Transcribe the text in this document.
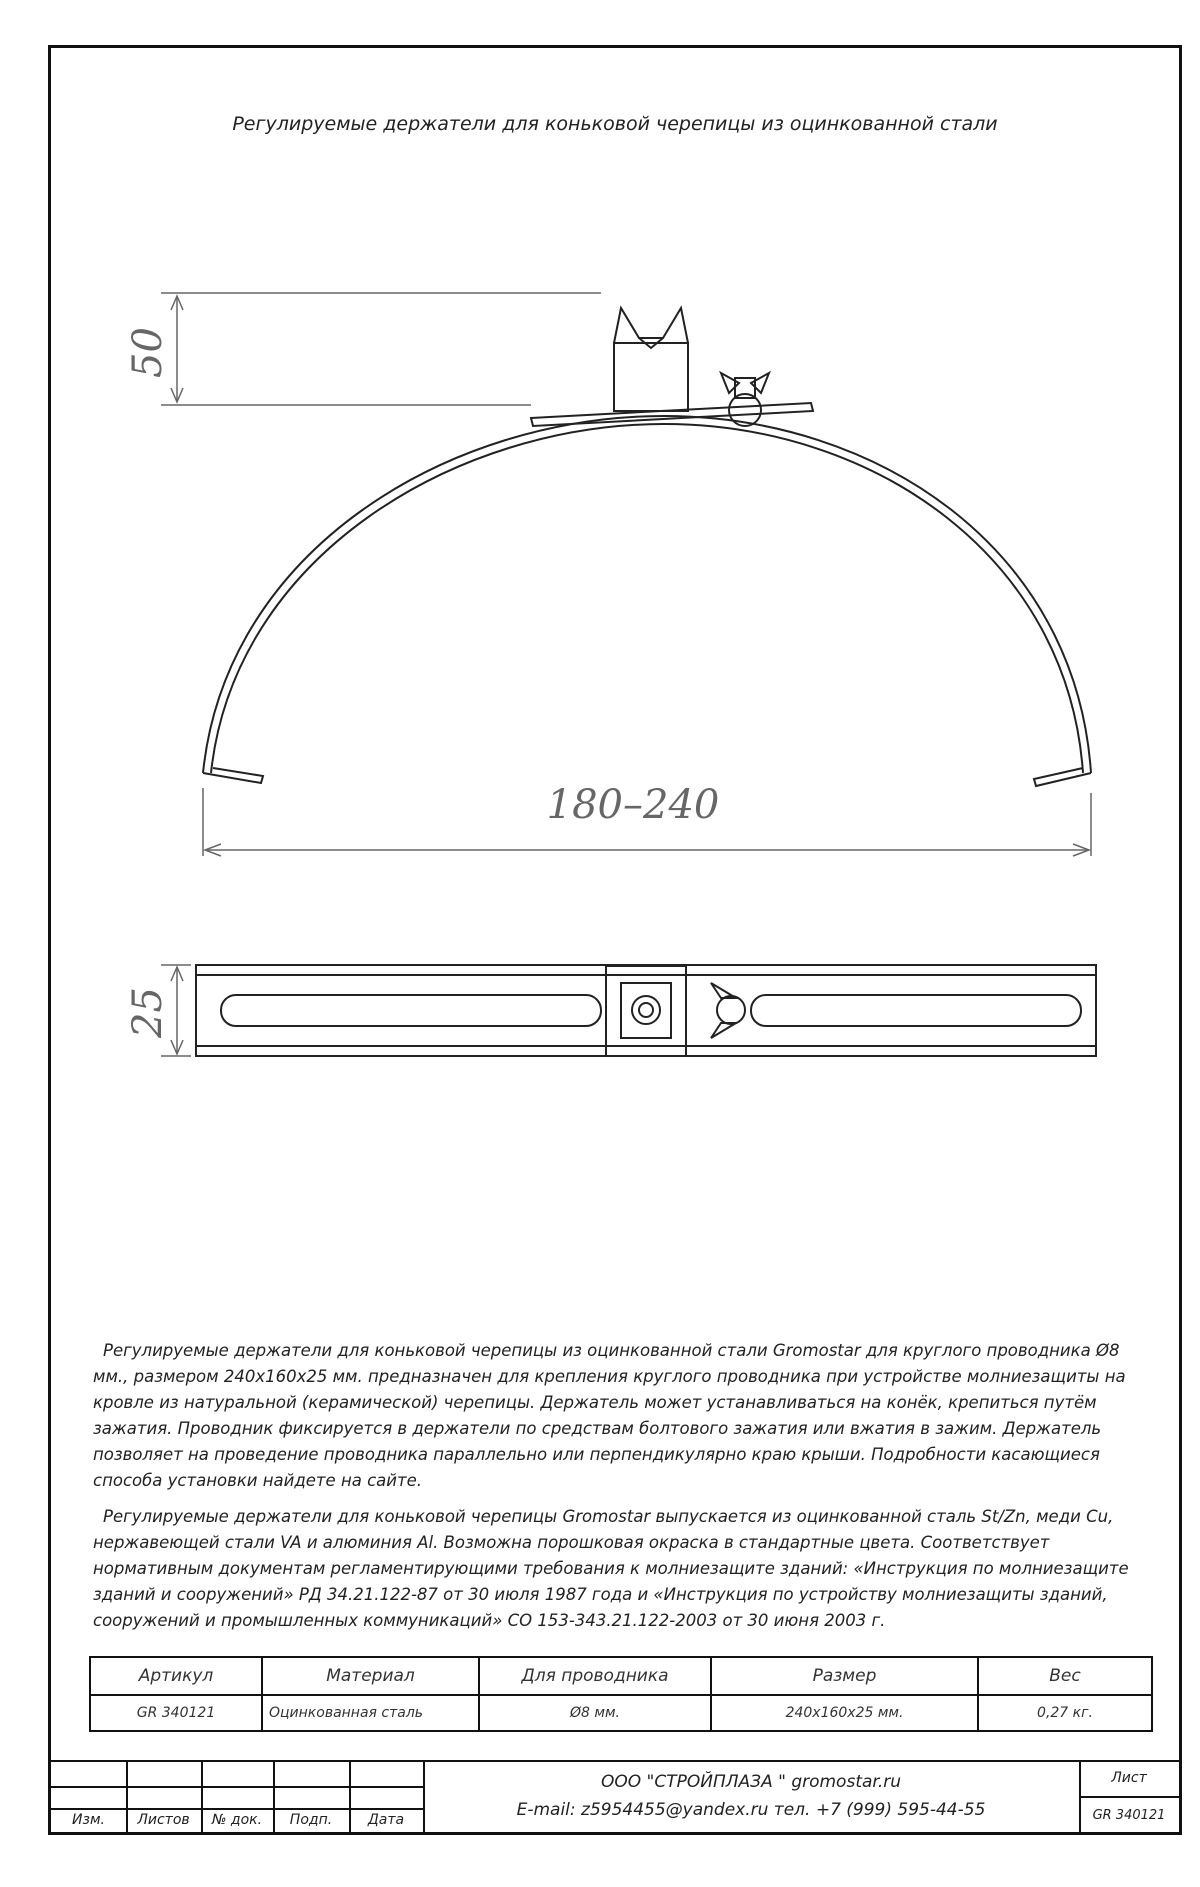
Регулируемые держатели для коньковой черепицы из оцинкованной стали
50
180–240
25

Регулируемые держатели для коньковой черепицы из оцинкованной стали Gromostar для круглого проводника Ø8 мм., размером 240х160х25 мм. предназначен для крепления круглого проводника при устройстве молниезащиты на кровле из натуральной (керамической) черепицы. Держатель может устанавливаться на конёк, крепиться путём зажатия. Проводник фиксируется в держатели по средствам болтового зажатия или вжатия в зажим. Держатель позволяет на проведение проводника параллельно или перпендикулярно краю крыши. Подробности касающиеся способа установки найдете на сайте.

Регулируемые держатели для коньковой черепицы Gromostar выпускается из оцинкованной сталь St/Zn, меди Cu, нержавеющей стали VA и алюминия Al. Возможна порошковая окраска в стандартные цвета. Соответствует нормативным документам регламентирующими требования к молниезащите зданий: «Инструкция по молниезащите зданий и сооружений» РД 34.21.122-87 от 30 июля 1987 года и «Инструкция по устройству молниезащиты зданий, сооружений и промышленных коммуникаций» СО 153-343.21.122-2003 от 30 июня 2003 г.

Артикул	Материал	Для проводника	Размер	Вес
GR 340121	Оцинкованная сталь	Ø8 мм.	240х160х25 мм.	0,27 кг.
Изм.	Листов	№ док.	Подп.	Дата
ООО "СТРОЙПЛАЗА " gromostar.ru
E-mail: z5954455@yandex.ru тел. +7 (999) 595-44-55
Лист
GR 340121
